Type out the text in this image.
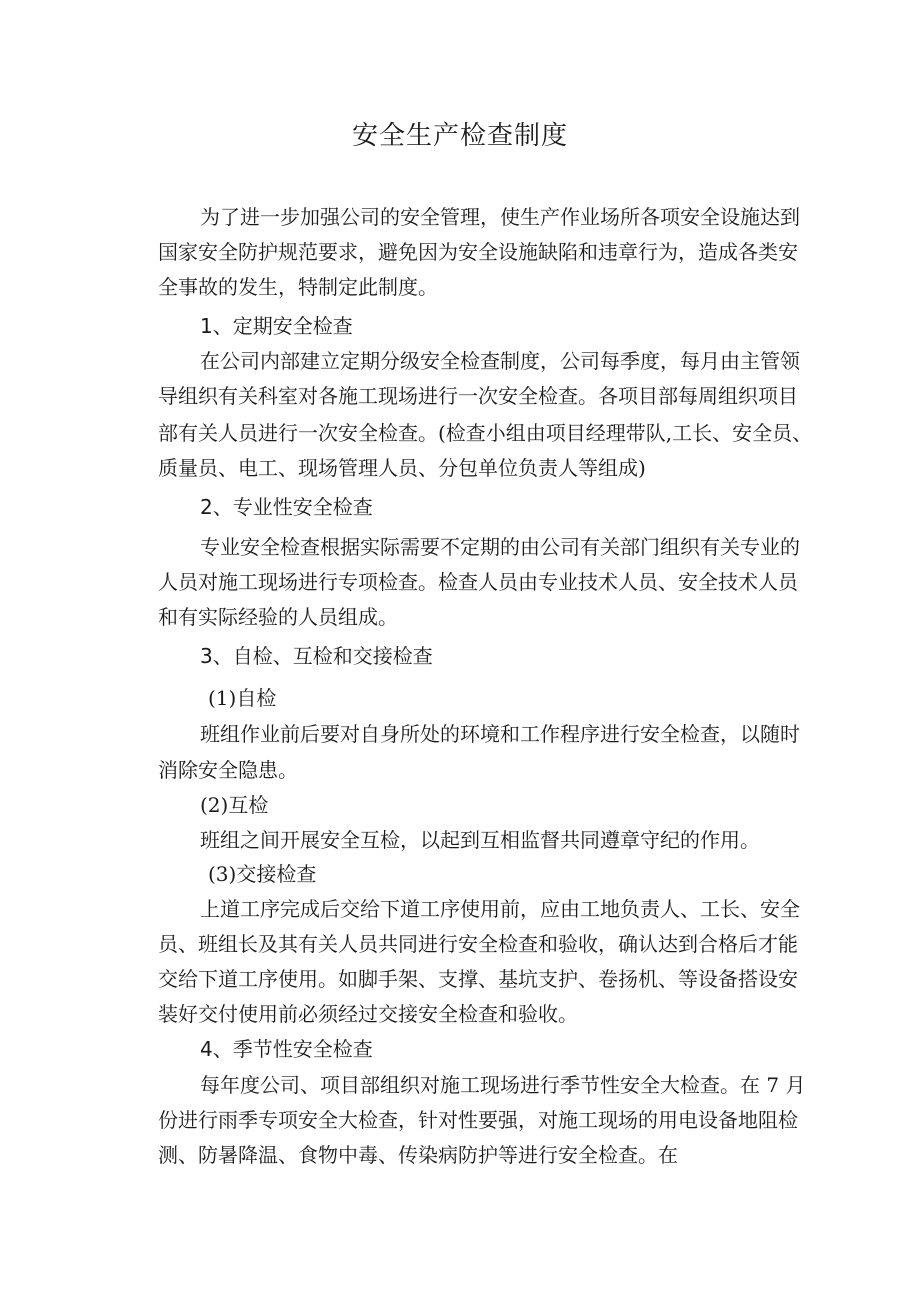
安全生产检查制度
为了进一步加强公司的安全管理，使生产作业场所各项安全设施达到
国家安全防护规范要求，避免因为安全设施缺陷和违章行为，造成各类安
全事故的发生，特制定此制度。
1、定期安全检查
在公司内部建立定期分级安全检查制度，公司每季度，每月由主管领
导组织有关科室对各施工现场进行一次安全检查。各项目部每周组织项目
部有关人员进行一次安全检查。(检查小组由项目经理带队,工长、安全员、
质量员、电工、现场管理人员、分包单位负责人等组成)
2、专业性安全检查
专业安全检查根据实际需要不定期的由公司有关部门组织有关专业的
人员对施工现场进行专项检查。检查人员由专业技术人员、安全技术人员
和有实际经验的人员组成。
3、自检、互检和交接检查
(1)自检
班组作业前后要对自身所处的环境和工作程序进行安全检查，以随时
消除安全隐患。
(2)互检
班组之间开展安全互检，以起到互相监督共同遵章守纪的作用。
(3)交接检查
上道工序完成后交给下道工序使用前，应由工地负责人、工长、安全
员、班组长及其有关人员共同进行安全检查和验收，确认达到合格后才能
交给下道工序使用。如脚手架、支撑、基坑支护、卷扬机、等设备搭设安
装好交付使用前必须经过交接安全检查和验收。
4、季节性安全检查
每年度公司、项目部组织对施工现场进行季节性安全大检查。在 7 月
份进行雨季专项安全大检查，针对性要强，对施工现场的用电设备地阻检
测、防暑降温、食物中毒、传染病防护等进行安全检查。在
